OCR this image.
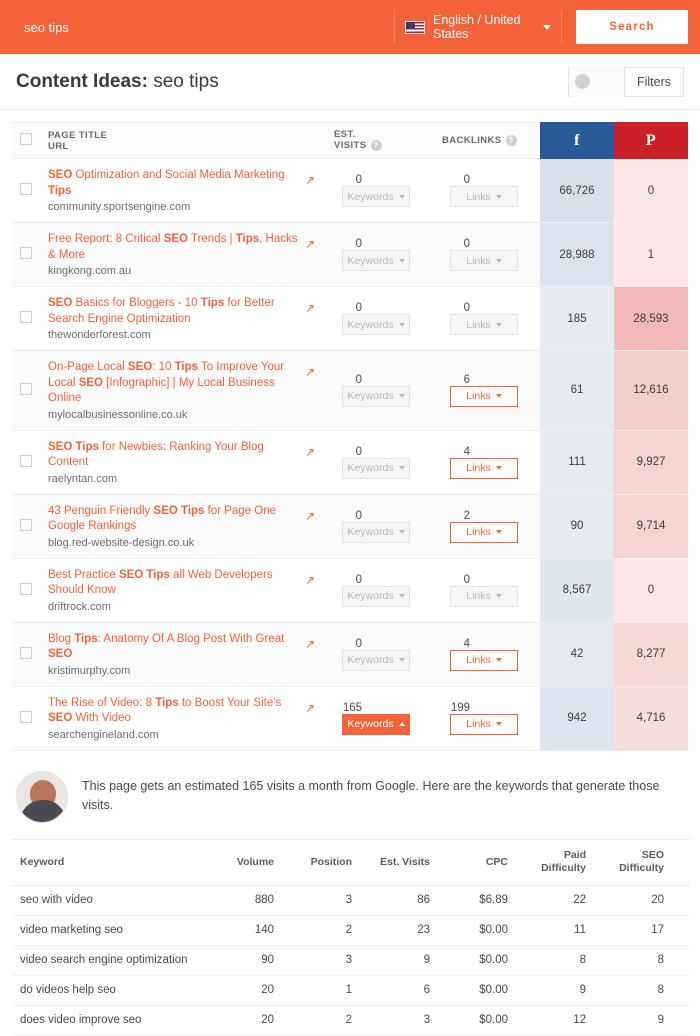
seo tips
English / United States	Search
Content Ideas: seo tips	Filters

PAGE TITLE
URL

EST.
VISITS ?	BACKLINKS ?	f	P

	↗
SEO Optimization and Social Media Marketing Tips
community.sportsengine.com	0Keywords	0Links	66,726	0

	↗
Free Report: 8 Critical SEO Trends | Tips, Hacks & More
kingkong.com.au	0Keywords	0Links	28,988	1

	↗
SEO Basics for Bloggers - 10 Tips for Better Search Engine Optimization
thewonderforest.com	0Keywords	0Links	185	28,593

	↗
On-Page Local SEO: 10 Tips To Improve Your Local SEO [Infographic] | My Local Business Online
mylocalbusinessonline.co.uk	0Keywords	6Links	61	12,616

	↗
SEO Tips for Newbies: Ranking Your Blog Content
raelyntan.com	0Keywords	4Links	111	9,927

	↗
43 Penguin Friendly SEO Tips for Page One Google Rankings
blog.red-website-design.co.uk	0Keywords	2Links	90	9,714

	↗
Best Practice SEO Tips all Web Developers Should Know
driftrock.com	0Keywords	0Links	8,567	0

	↗
Blog Tips: Anatomy Of A Blog Post With Great SEO
kristimurphy.com	0Keywords	4Links	42	8,277

	↗
The Rise of Video: 8 Tips to Boost Your Site's SEO With Video
searchengineland.com	165Keywords	199Links	942	4,716
This page gets an estimated 165 visits a month from Google. Here are the keywords that generate those visits.
Keyword	Volume	Position	Est. Visits	CPC	
Paid
Difficulty

SEO
Difficulty

seo with video	880	3	86	$6.89	22	20
video marketing seo	140	2	23	$0.00	11	17
video search engine optimization	90	3	9	$0.00	8	8
do videos help seo	20	1	6	$0.00	9	8
does video improve seo	20	2	3	$0.00	12	9
